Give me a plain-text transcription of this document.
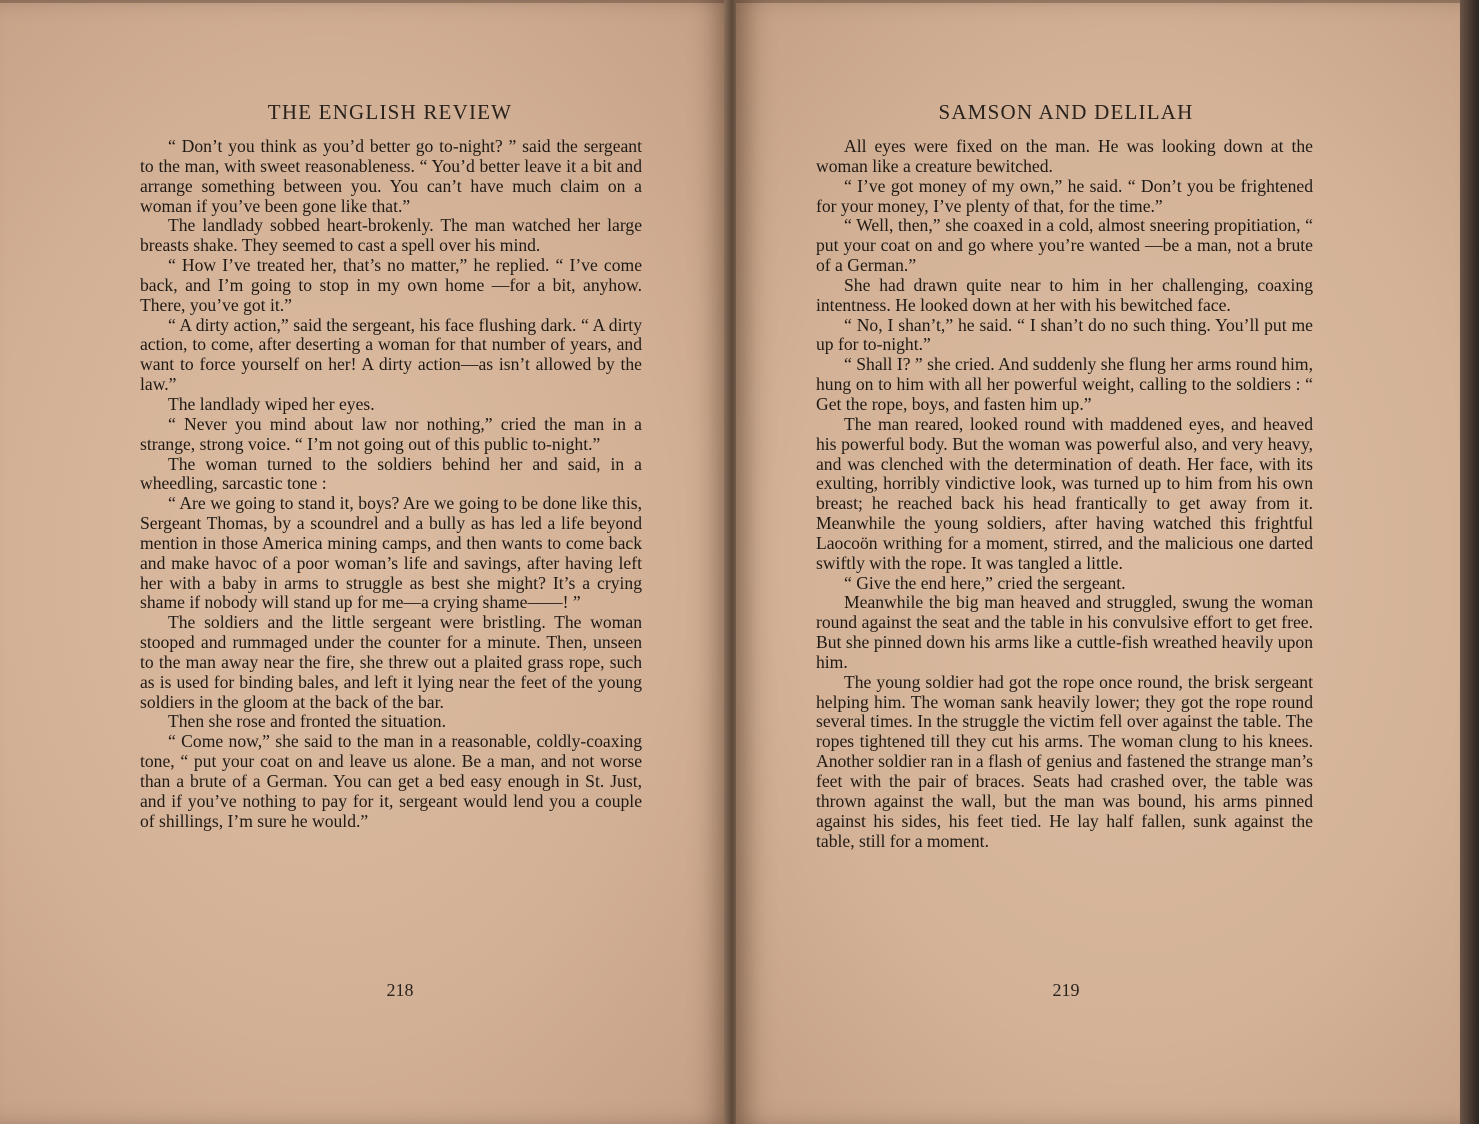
THE ENGLISH REVIEW

“ Don’t you think as you’d better go to-night? ” said the sergeant to the man, with sweet reasonableness. “ You’d better leave it a bit and arrange something between you. You can’t have much claim on a woman if you’ve been gone like that.”

The landlady sobbed heart-brokenly. The man watched her large breasts shake. They seemed to cast a spell over his mind.

“ How I’ve treated her, that’s no matter,” he replied. “ I’ve come back, and I’m going to stop in my own home —for a bit, anyhow. There, you’ve got it.”

“ A dirty action,” said the sergeant, his face flushing dark. “ A dirty action, to come, after deserting a woman for that number of years, and want to force yourself on her! A dirty action—as isn’t allowed by the law.”

The landlady wiped her eyes.

“ Never you mind about law nor nothing,” cried the man in a strange, strong voice. “ I’m not going out of this public to-night.”

The woman turned to the soldiers behind her and said, in a wheedling, sarcastic tone :

“ Are we going to stand it, boys? Are we going to be done like this, Sergeant Thomas, by a scoundrel and a bully as has led a life beyond mention in those America mining camps, and then wants to come back and make havoc of a poor woman’s life and savings, after having left her with a baby in arms to struggle as best she might? It’s a crying shame if nobody will stand up for me—a crying shame——! ”

The soldiers and the little sergeant were bristling. The woman stooped and rummaged under the counter for a minute. Then, unseen to the man away near the fire, she threw out a plaited grass rope, such as is used for binding bales, and left it lying near the feet of the young soldiers in the gloom at the back of the bar.

Then she rose and fronted the situation.

“ Come now,” she said to the man in a reasonable, coldly-coaxing tone, “ put your coat on and leave us alone. Be a man, and not worse than a brute of a German. You can get a bed easy enough in St. Just, and if you’ve nothing to pay for it, sergeant would lend you a couple of shillings, I’m sure he would.”

218
SAMSON AND DELILAH

All eyes were fixed on the man. He was looking down at the woman like a creature bewitched.

“ I’ve got money of my own,” he said. “ Don’t you be frightened for your money, I’ve plenty of that, for the time.”

“ Well, then,” she coaxed in a cold, almost sneering propitiation, “ put your coat on and go where you’re wanted —be a man, not a brute of a German.”

She had drawn quite near to him in her challenging, coaxing intentness. He looked down at her with his bewitched face.

“ No, I shan’t,” he said. “ I shan’t do no such thing. You’ll put me up for to-night.”

“ Shall I? ” she cried. And suddenly she flung her arms round him, hung on to him with all her powerful weight, calling to the soldiers : “ Get the rope, boys, and fasten him up.”

The man reared, looked round with maddened eyes, and heaved his powerful body. But the woman was powerful also, and very heavy, and was clenched with the determination of death. Her face, with its exulting, horribly vindictive look, was turned up to him from his own breast; he reached back his head frantically to get away from it. Meanwhile the young soldiers, after having watched this frightful Laocoön writhing for a moment, stirred, and the malicious one darted swiftly with the rope. It was tangled a little.

“ Give the end here,” cried the sergeant.

Meanwhile the big man heaved and struggled, swung the woman round against the seat and the table in his convulsive effort to get free. But she pinned down his arms like a cuttle-fish wreathed heavily upon him.

The young soldier had got the rope once round, the brisk sergeant helping him. The woman sank heavily lower; they got the rope round several times. In the struggle the victim fell over against the table. The ropes tightened till they cut his arms. The woman clung to his knees. Another soldier ran in a flash of genius and fastened the strange man’s feet with the pair of braces. Seats had crashed over, the table was thrown against the wall, but the man was bound, his arms pinned against his sides, his feet tied. He lay half fallen, sunk against the table, still for a moment.

219
